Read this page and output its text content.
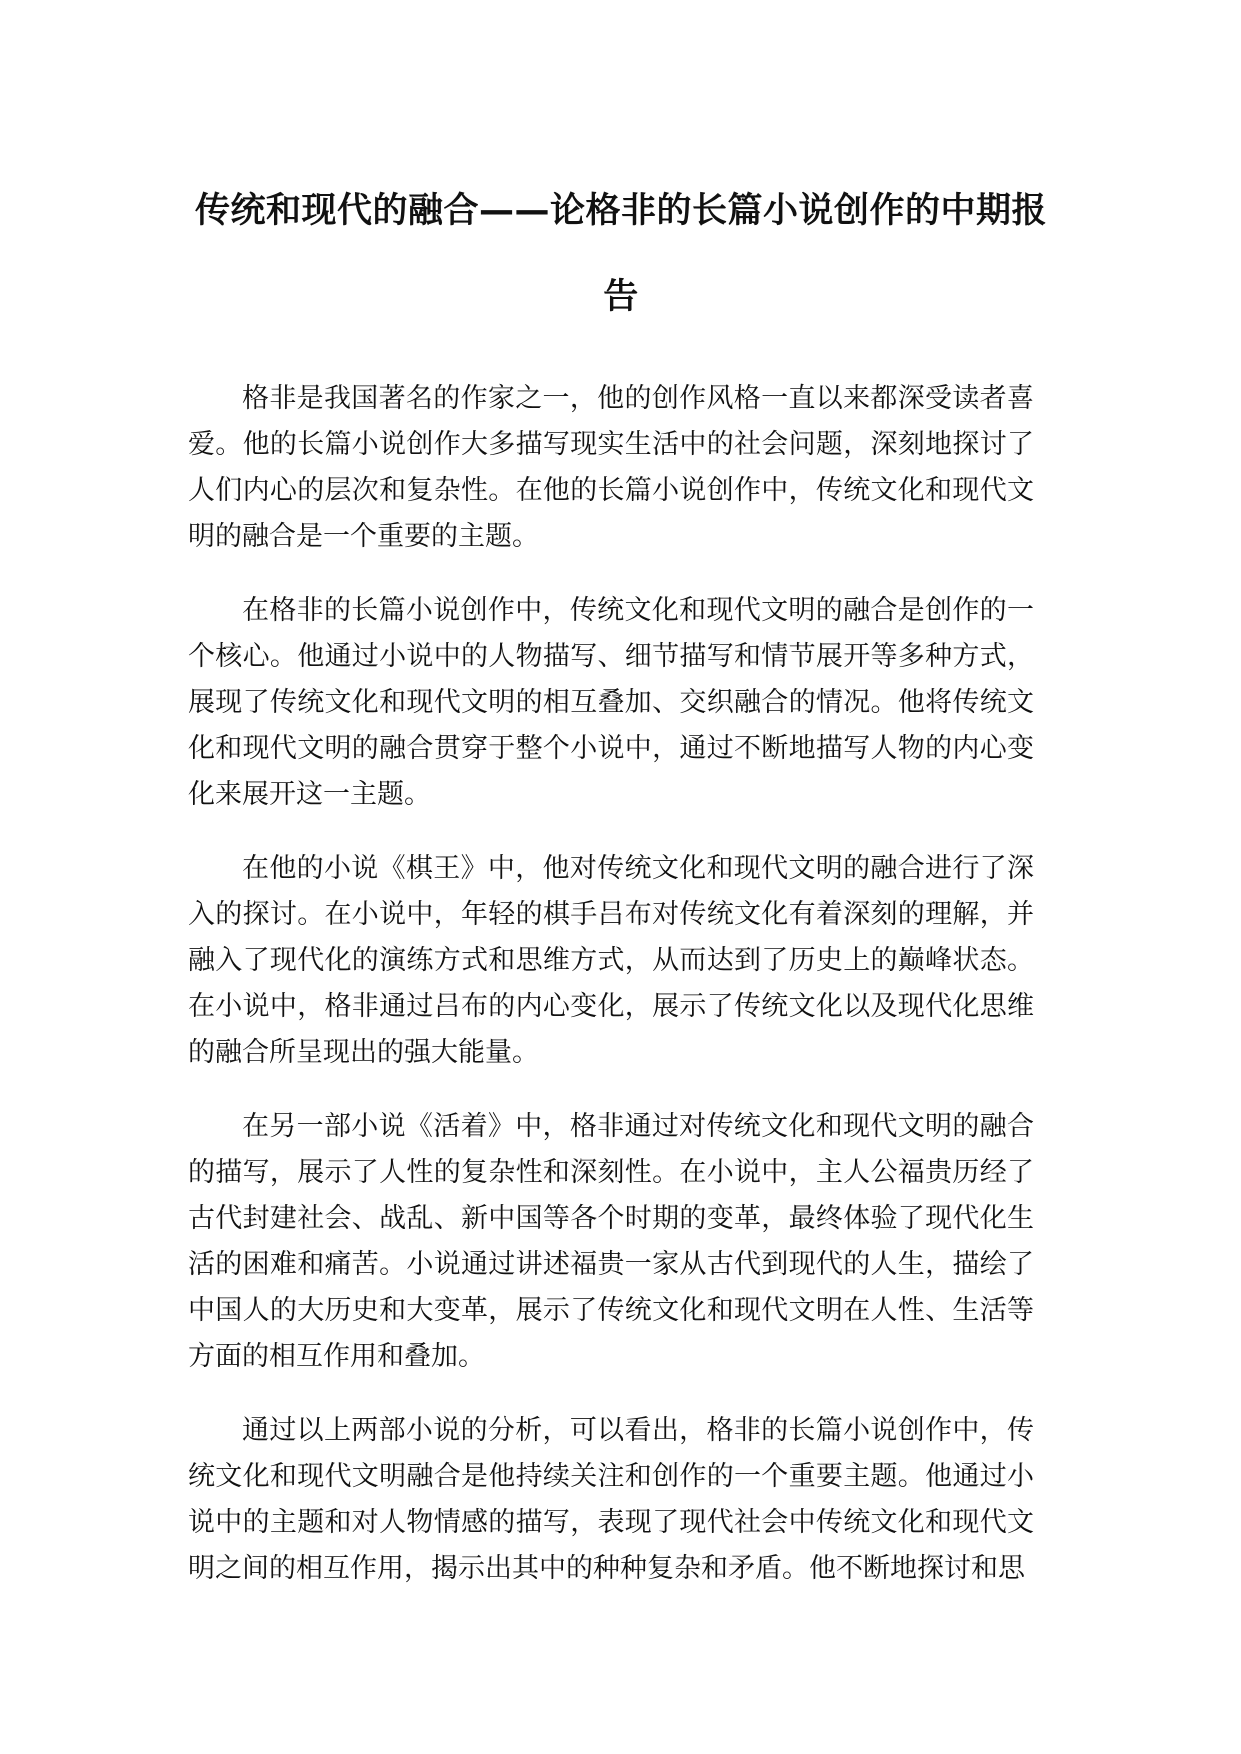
传统和现代的融合——论格非的长篇小说创作的中期报告

格非是我国著名的作家之一，他的创作风格一直以来都深受读者喜爱。他的长篇小说创作大多描写现实生活中的社会问题，深刻地探讨了人们内心的层次和复杂性。在他的长篇小说创作中，传统文化和现代文明的融合是一个重要的主题。

在格非的长篇小说创作中，传统文化和现代文明的融合是创作的一个核心。他通过小说中的人物描写、细节描写和情节展开等多种方式，展现了传统文化和现代文明的相互叠加、交织融合的情况。他将传统文化和现代文明的融合贯穿于整个小说中，通过不断地描写人物的内心变化来展开这一主题。

在他的小说《棋王》中，他对传统文化和现代文明的融合进行了深入的探讨。在小说中，年轻的棋手吕布对传统文化有着深刻的理解，并融入了现代化的演练方式和思维方式，从而达到了历史上的巅峰状态。在小说中，格非通过吕布的内心变化，展示了传统文化以及现代化思维的融合所呈现出的强大能量。

在另一部小说《活着》中，格非通过对传统文化和现代文明的融合的描写，展示了人性的复杂性和深刻性。在小说中，主人公福贵历经了古代封建社会、战乱、新中国等各个时期的变革，最终体验了现代化生活的困难和痛苦。小说通过讲述福贵一家从古代到现代的人生，描绘了中国人的大历史和大变革，展示了传统文化和现代文明在人性、生活等方面的相互作用和叠加。

通过以上两部小说的分析，可以看出，格非的长篇小说创作中，传统文化和现代文明融合是他持续关注和创作的一个重要主题。他通过小说中的主题和对人物情感的描写，表现了现代社会中传统文化和现代文明之间的相互作用，揭示出其中的种种复杂和矛盾。他不断地探讨和思
